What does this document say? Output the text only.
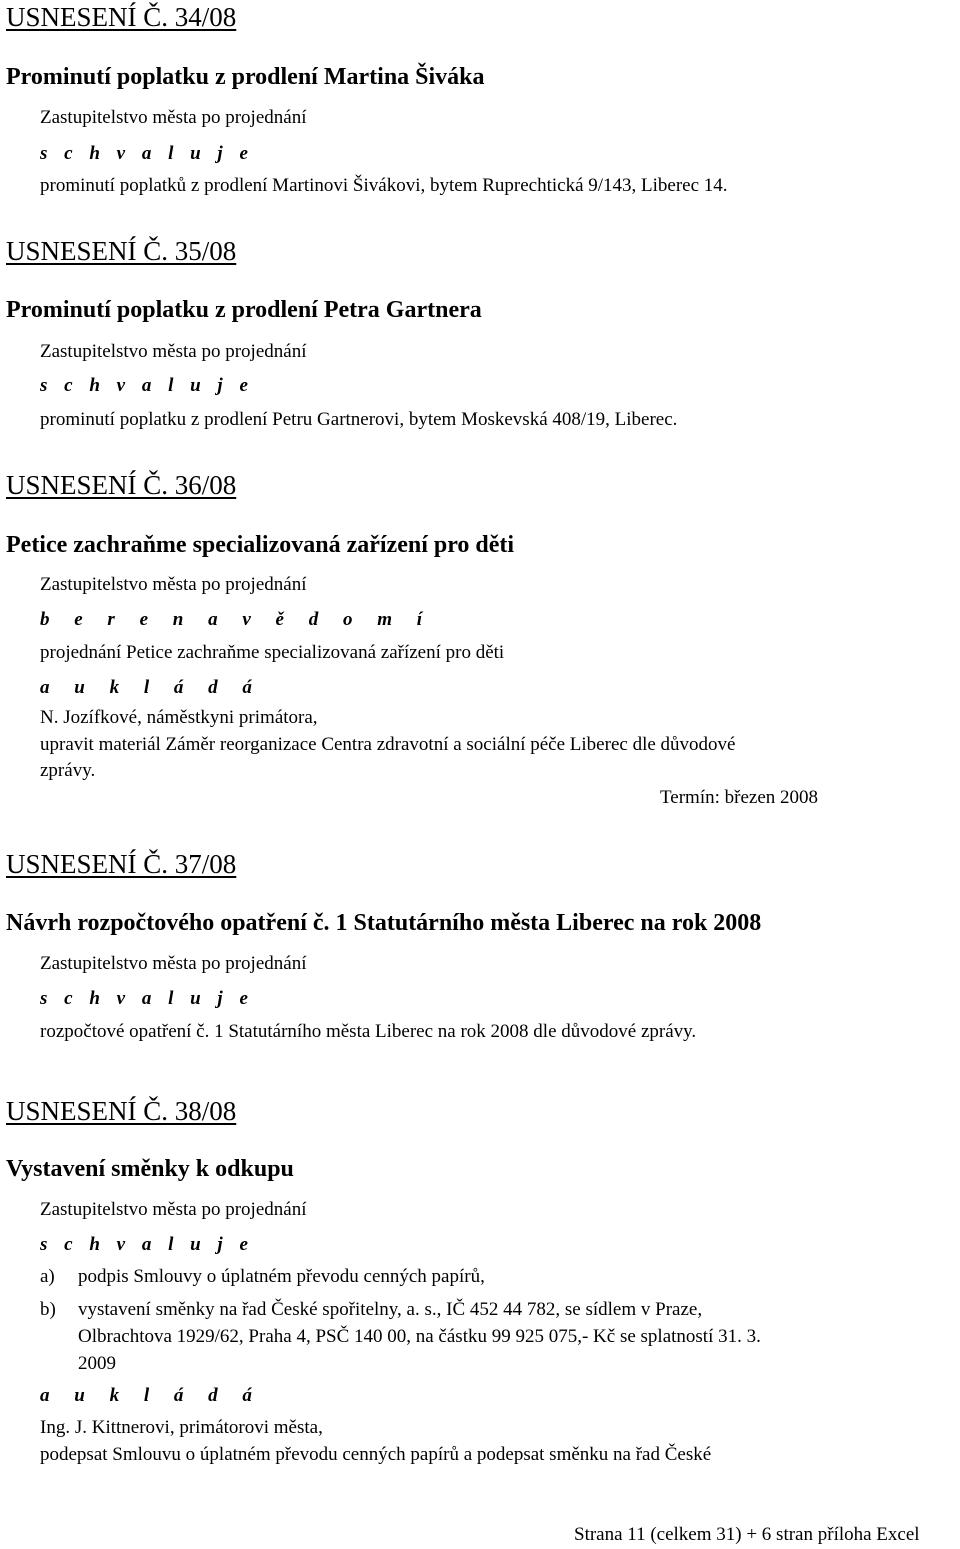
USNESENÍ Č. 34/08
Prominutí poplatku z prodlení Martina Šiváka
Zastupitelstvo města po projednání
s c h v a l u j e
prominutí poplatků z prodlení Martinovi Šivákovi, bytem Ruprechtická 9/143, Liberec 14.
USNESENÍ Č. 35/08
Prominutí poplatku z prodlení Petra Gartnera
Zastupitelstvo města po projednání
s c h v a l u j e
prominutí poplatku z prodlení Petru Gartnerovi, bytem Moskevská 408/19, Liberec.
USNESENÍ Č. 36/08
Petice zachraňme specializovaná zařízení pro děti
Zastupitelstvo města po projednání
b e r e n a v ě d o m í
projednání Petice zachraňme specializovaná zařízení pro děti
a u k l á d á
N. Jozífkové, náměstkyni primátora,
upravit materiál Záměr reorganizace Centra zdravotní a sociální péče Liberec dle důvodové
zprávy.
Termín: březen 2008
USNESENÍ Č. 37/08
Návrh rozpočtového opatření č. 1 Statutárního města Liberec na rok 2008
Zastupitelstvo města po projednání
s c h v a l u j e
rozpočtové opatření č. 1 Statutárního města Liberec na rok 2008 dle důvodové zprávy.
USNESENÍ Č. 38/08
Vystavení směnky k odkupu
Zastupitelstvo města po projednání
s c h v a l u j e
a) podpis Smlouvy o úplatném převodu cenných papírů,
b) vystavení směnky na řad České spořitelny, a. s., IČ 452 44 782, se sídlem v Praze,
Olbrachtova 1929/62, Praha 4, PSČ 140 00, na částku 99 925 075,- Kč se splatností 31. 3.
2009
a u k l á d á
Ing. J. Kittnerovi, primátorovi města,
podepsat Smlouvu o úplatném převodu cenných papírů a podepsat směnku na řad České
Strana 11 (celkem 31) + 6 stran příloha Excel
